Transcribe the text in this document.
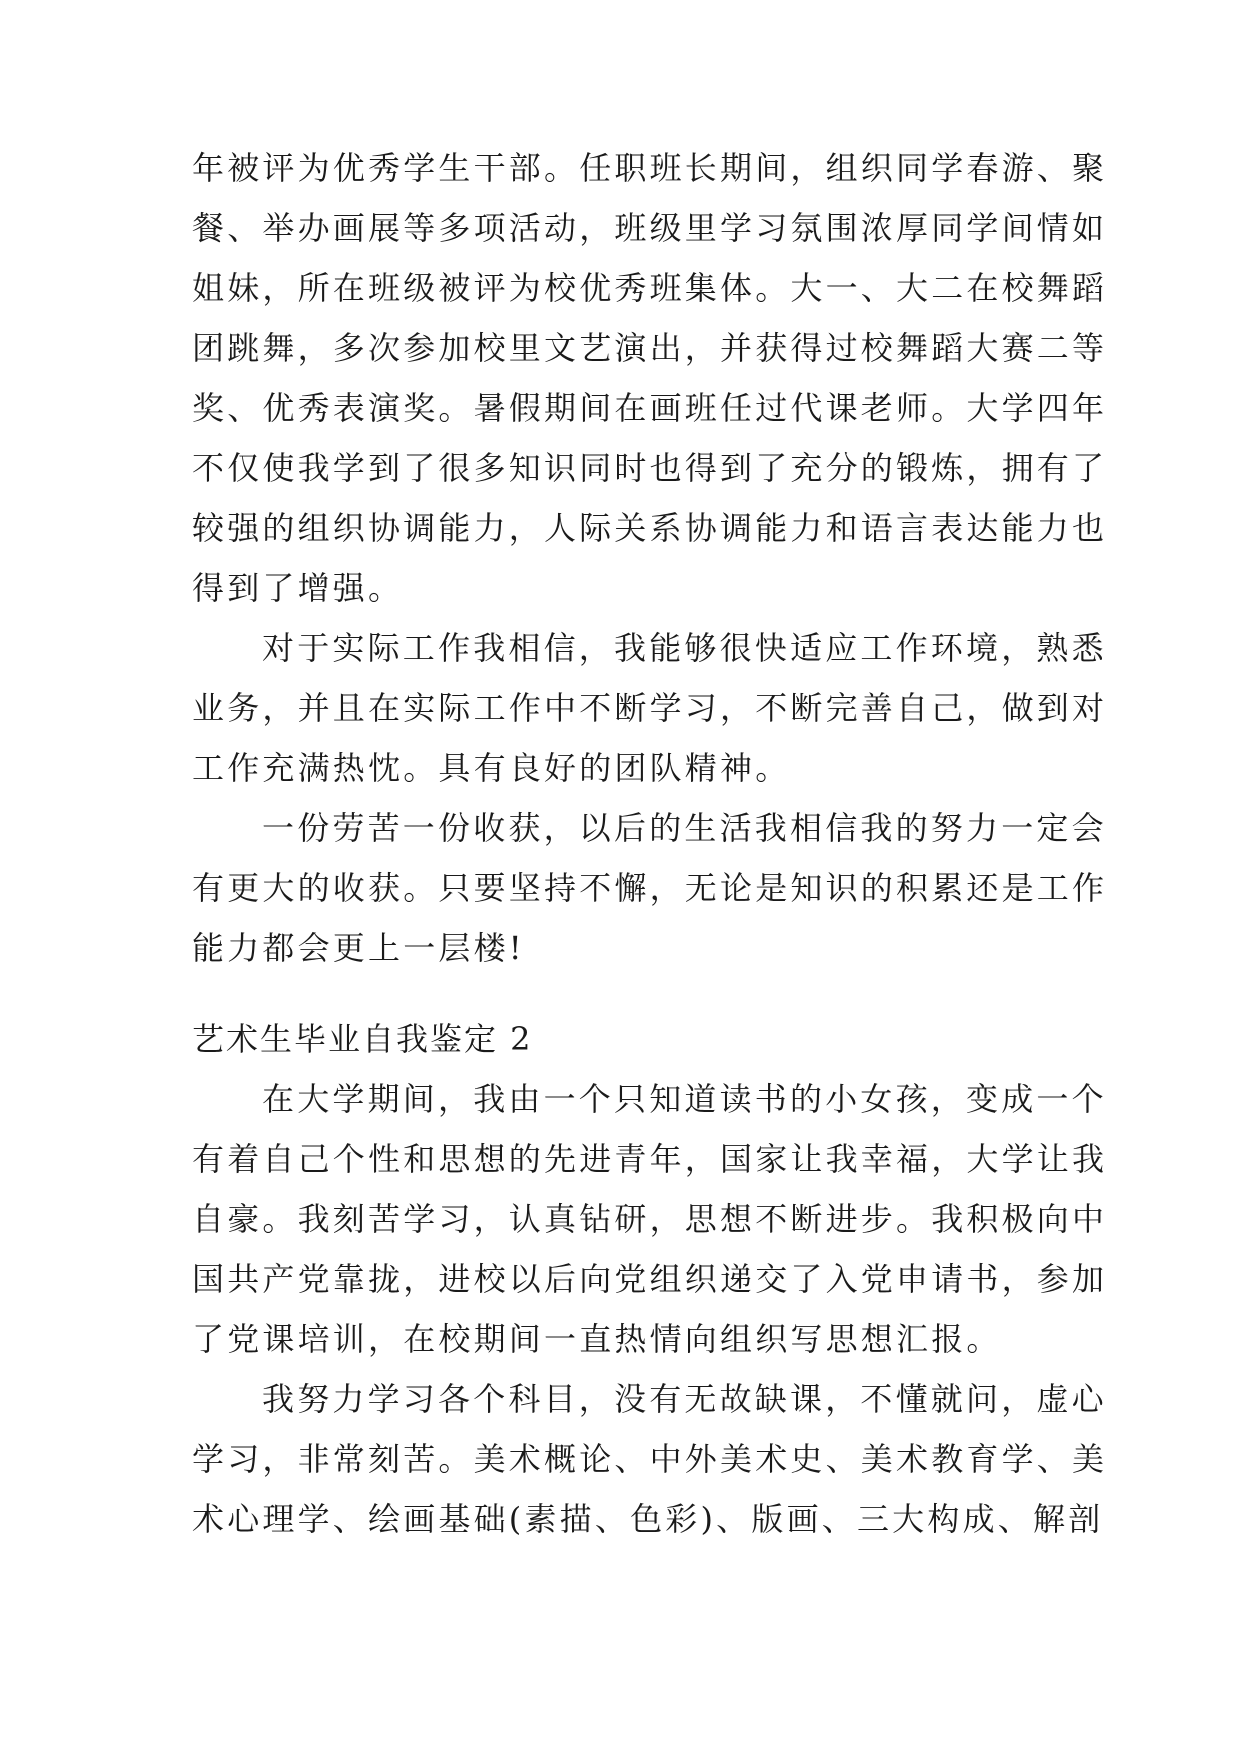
年被评为优秀学生干部。任职班长期间，组织同学春游、聚
餐、举办画展等多项活动，班级里学习氛围浓厚同学间情如
姐妹，所在班级被评为校优秀班集体。大一、大二在校舞蹈
团跳舞，多次参加校里文艺演出，并获得过校舞蹈大赛二等
奖、优秀表演奖。暑假期间在画班任过代课老师。大学四年
不仅使我学到了很多知识同时也得到了充分的锻炼，拥有了
较强的组织协调能力，人际关系协调能力和语言表达能力也
得到了增强。
对于实际工作我相信，我能够很快适应工作环境，熟悉
业务，并且在实际工作中不断学习，不断完善自己，做到对
工作充满热忱。具有良好的团队精神。
一份劳苦一份收获，以后的生活我相信我的努力一定会
有更大的收获。只要坚持不懈，无论是知识的积累还是工作
能力都会更上一层楼!
艺术生毕业自我鉴定 2
在大学期间，我由一个只知道读书的小女孩，变成一个
有着自己个性和思想的先进青年，国家让我幸福，大学让我
自豪。我刻苦学习，认真钻研，思想不断进步。我积极向中
国共产党靠拢，进校以后向党组织递交了入党申请书，参加
了党课培训，在校期间一直热情向组织写思想汇报。
我努力学习各个科目，没有无故缺课，不懂就问，虚心
学习，非常刻苦。美术概论、中外美术史、美术教育学、美
术心理学、绘画基础(素描、色彩)、版画、三大构成、解剖
